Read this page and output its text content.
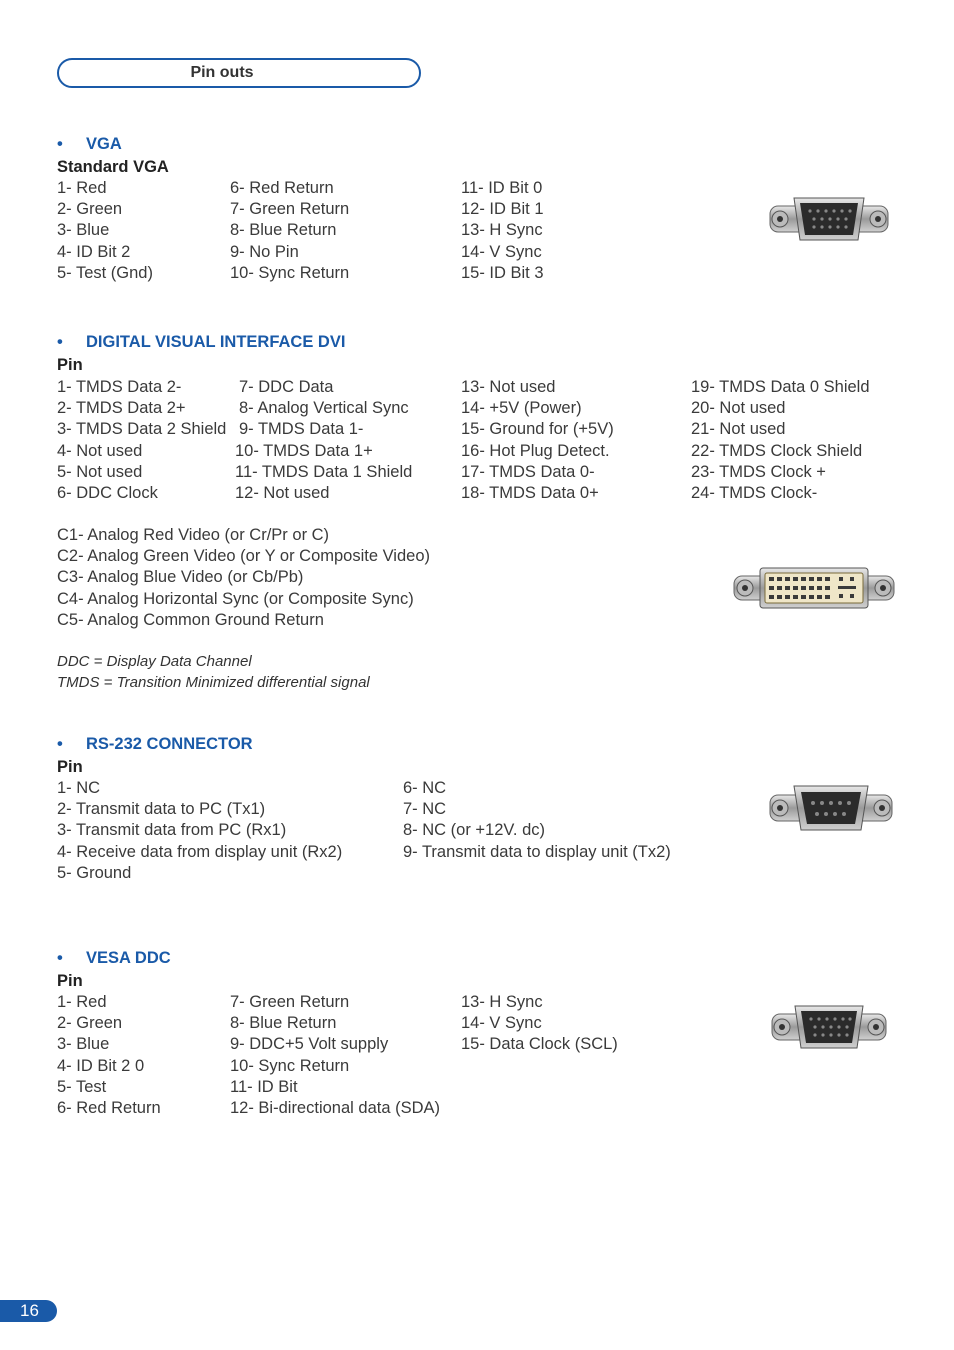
Pin outs
• VGA
Standard VGA
1- Red
2- Green
3- Blue
4- ID Bit 2
5- Test (Gnd)
6- Red Return
7- Green Return
8- Blue Return
9- No Pin
10- Sync Return
11- ID Bit 0
12- ID Bit 1
13- H Sync
14- V Sync
15- ID Bit 3
• DIGITAL VISUAL INTERFACE DVI
Pin
1- TMDS Data 2-
2- TMDS Data 2+
3- TMDS Data 2 Shield
4- Not used
5- Not used
6- DDC Clock
7- DDC Data
8- Analog Vertical Sync
9- TMDS Data 1-
10- TMDS Data 1+
11- TMDS Data 1 Shield
12- Not used
13- Not used
14- +5V (Power)
15- Ground for (+5V)
16- Hot Plug Detect.
17- TMDS Data 0-
18- TMDS Data 0+
19- TMDS Data 0 Shield
20- Not used
21- Not used
22- TMDS Clock Shield
23- TMDS Clock +
24- TMDS Clock-
C1- Analog Red Video (or Cr/Pr or C)
C2- Analog Green Video (or Y or Composite Video)
C3- Analog Blue Video (or Cb/Pb)
C4- Analog Horizontal Sync (or Composite Sync)
C5- Analog Common Ground Return
DDC = Display Data Channel
TMDS = Transition Minimized differential signal
• RS-232 CONNECTOR
Pin
1- NC
2- Transmit data to PC (Tx1)
3- Transmit data from PC (Rx1)
4- Receive data from display unit (Rx2)
5- Ground
6- NC
7- NC
8- NC (or +12V. dc)
9- Transmit data to display unit (Tx2)
• VESA DDC
Pin
1- Red
2- Green
3- Blue
4- ID Bit 2 0
5- Test
6- Red Return
7- Green Return
8- Blue Return
9- DDC+5 Volt supply
10- Sync Return
11- ID Bit
12- Bi-directional data (SDA)
13- H Sync
14- V Sync
15- Data Clock (SCL)
16
